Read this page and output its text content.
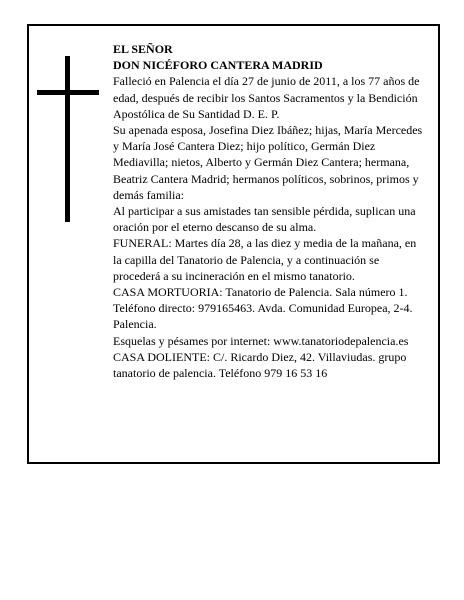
EL SEÑOR

DON NICÉFORO CANTERA MADRID

Falleció en Palencia el día 27 de junio de 2011, a los 77 años de edad, después de recibir los Santos Sacramentos y la Bendición Apostólica de Su Santidad D. E. P.

Su apenada esposa, Josefina Diez Ibáñez; hijas, María Mercedes y María José Cantera Diez; hijo político, Germán Diez Mediavilla; nietos, Alberto y Germán Diez Cantera; hermana, Beatriz Cantera Madrid; hermanos políticos, sobrinos, primos y demás familia:

Al participar a sus amistades tan sensible pérdida, suplican una oración por el eterno descanso de su alma.

FUNERAL: Martes día 28, a las diez y media de la mañana, en la capilla del Tanatorio de Palencia, y a continuación se procederá a su incineración en el mismo tanatorio.

CASA MORTUORIA: Tanatorio de Palencia. Sala número 1. Teléfono directo: 979165463. Avda. Comunidad Europea, 2-4. Palencia.

Esquelas y pésames por internet: www.tanatoriodepalencia.es

CASA DOLIENTE: C/. Ricardo Diez, 42. Villaviudas. grupo tanatorio de palencia. Teléfono 979 16 53 16
